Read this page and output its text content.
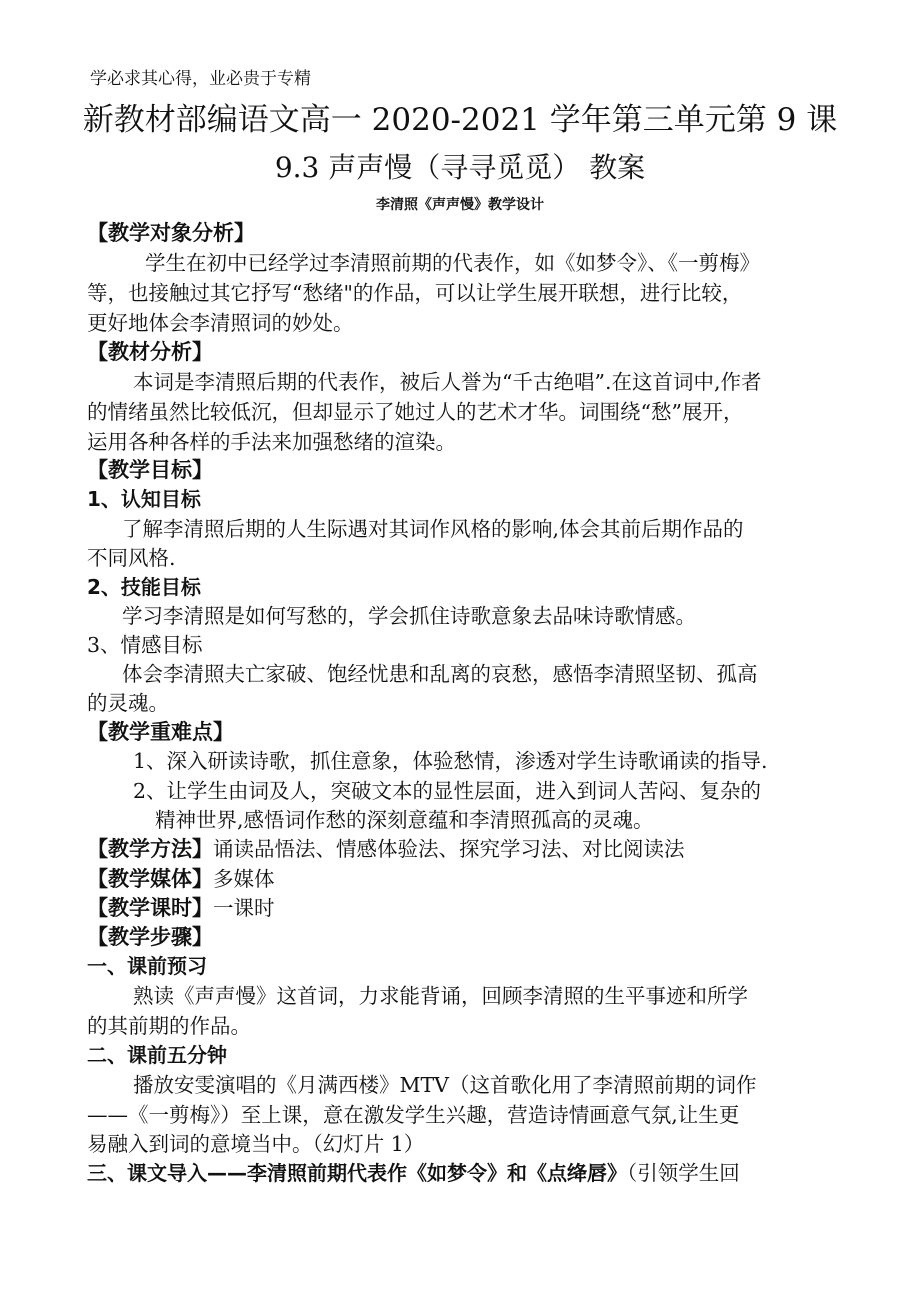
学必求其心得，业必贵于专精
新教材部编语文高一 2020-2021 学年第三单元第 9 课
9.3 声声慢（寻寻觅觅） 教案
李清照《声声慢》教学设计
【教学对象分析】
学生在初中已经学过李清照前期的代表作，如《如梦令》、《一剪梅》
等，也接触过其它抒写“愁绪"的作品，可以让学生展开联想，进行比较，
更好地体会李清照词的妙处。
【教材分析】
本词是李清照后期的代表作，被后人誉为“千古绝唱”.在这首词中,作者
的情绪虽然比较低沉，但却显示了她过人的艺术才华。词围绕“愁”展开，
运用各种各样的手法来加强愁绪的渲染。
【教学目标】
1、认知目标
了解李清照后期的人生际遇对其词作风格的影响,体会其前后期作品的
不同风格.
2、技能目标
学习李清照是如何写愁的，学会抓住诗歌意象去品味诗歌情感。
3、情感目标
体会李清照夫亡家破、饱经忧患和乱离的哀愁，感悟李清照坚韧、孤高
的灵魂。
【教学重难点】
1、深入研读诗歌，抓住意象，体验愁情，渗透对学生诗歌诵读的指导.
2、让学生由词及人，突破文本的显性层面，进入到词人苦闷、复杂的
精神世界,感悟词作愁的深刻意蕴和李清照孤高的灵魂。
【教学方法】诵读品悟法、情感体验法、探究学习法、对比阅读法
【教学媒体】多媒体
【教学课时】一课时
【教学步骤】
一、课前预习
熟读《声声慢》这首词，力求能背诵，回顾李清照的生平事迹和所学
的其前期的作品。
二、课前五分钟
播放安雯演唱的《月满西楼》MTV（这首歌化用了李清照前期的词作
——《一剪梅》）至上课，意在激发学生兴趣，营造诗情画意气氛,让生更
易融入到词的意境当中。（幻灯片 1）
三、课文导入——李清照前期代表作《如梦令》和《点绛唇》（引领学生回
